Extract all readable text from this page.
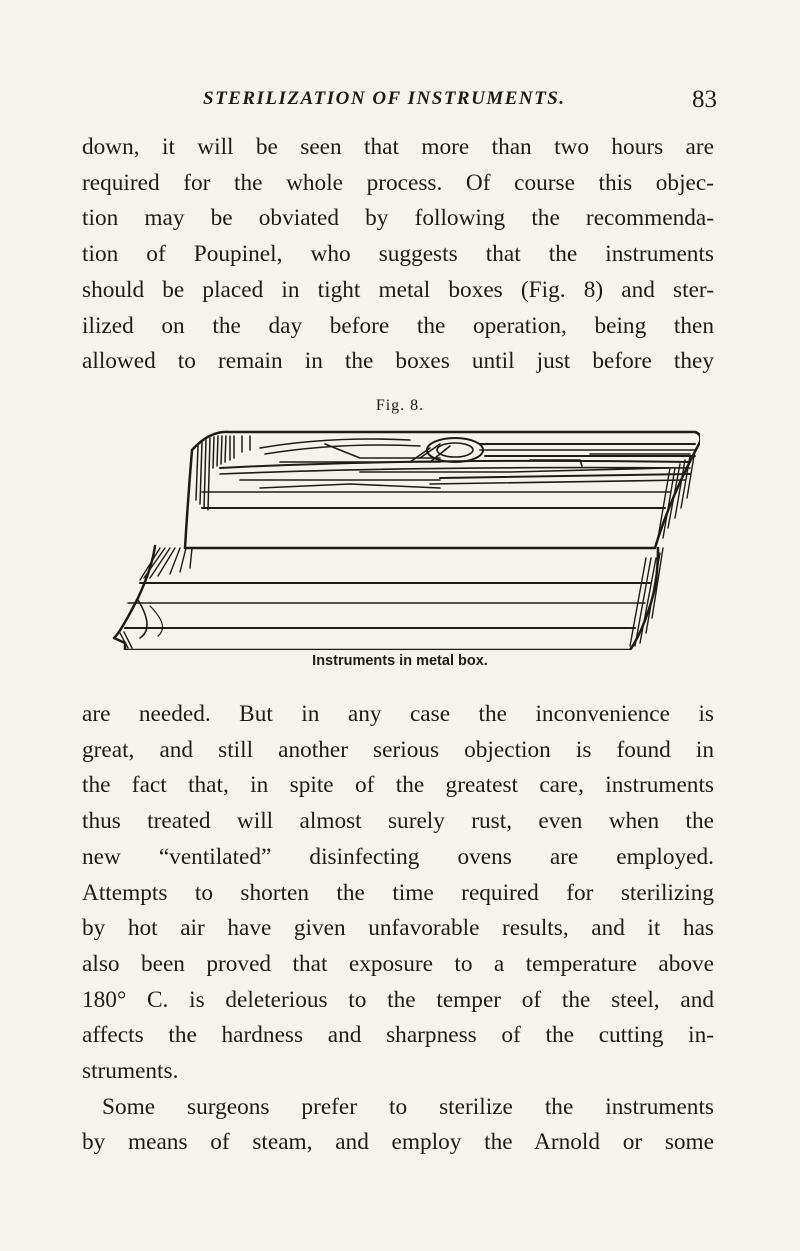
STERILIZATION OF INSTRUMENTS.	83
down, it will be seen that more than two hours are
required for the whole process. Of course this objec-
tion may be obviated by following the recommenda-
tion of Poupinel, who suggests that the instruments
should be placed in tight metal boxes (Fig. 8) and ster-
ilized on the day before the operation, being then
allowed to remain in the boxes until just before they
Fig. 8.
Instruments in metal box.
are needed. But in any case the inconvenience is
great, and still another serious objection is found in
the fact that, in spite of the greatest care, instruments
thus treated will almost surely rust, even when the
new “ventilated” disinfecting ovens are employed.
Attempts to shorten the time required for sterilizing
by hot air have given unfavorable results, and it has
also been proved that exposure to a temperature above
180° C. is deleterious to the temper of the steel, and
affects the hardness and sharpness of the cutting in-
struments.
Some surgeons prefer to sterilize the instruments
by means of steam, and employ the Arnold or some
